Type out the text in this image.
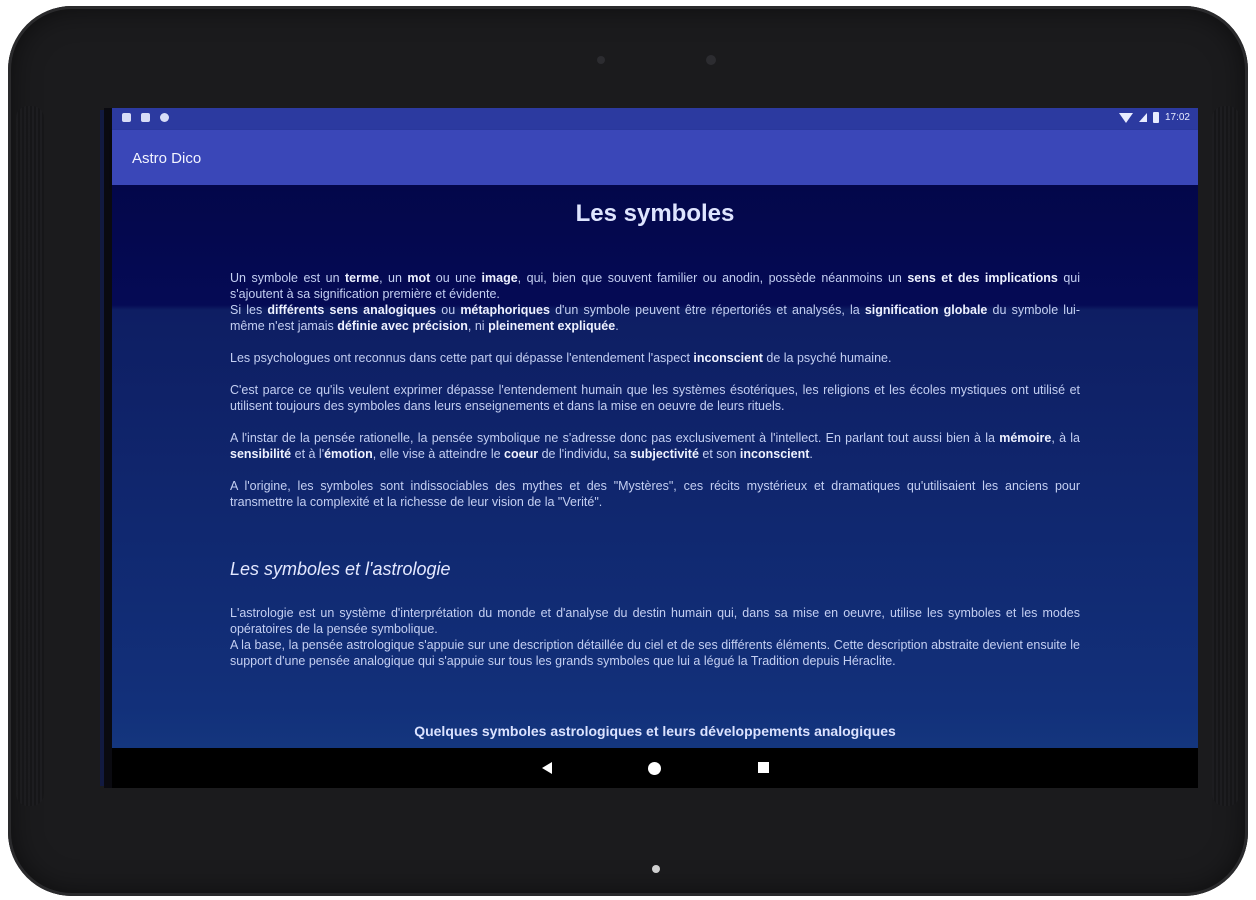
17:02
Astro Dico
Les symboles

Un symbole est un terme, un mot ou une image, qui, bien que souvent familier ou anodin, possède néanmoins un sens et des implications qui s'ajoutent à sa signification première et évidente.
Si les différents sens analogiques ou métaphoriques d'un symbole peuvent être répertoriés et analysés, la signification globale du symbole lui-même n'est jamais définie avec précision, ni pleinement expliquée.

Les psychologues ont reconnus dans cette part qui dépasse l'entendement l'aspect inconscient de la psyché humaine.

C'est parce ce qu'ils veulent exprimer dépasse l'entendement humain que les systèmes ésotériques, les religions et les écoles mystiques ont utilisé et utilisent toujours des symboles dans leurs enseignements et dans la mise en oeuvre de leurs rituels.

A l'instar de la pensée rationelle, la pensée symbolique ne s'adresse donc pas exclusivement à l'intellect. En parlant tout aussi bien à la mémoire, à la sensibilité et à l'émotion, elle vise à atteindre le coeur de l'individu, sa subjectivité et son inconscient.

A l'origine, les symboles sont indissociables des mythes et des "Mystères", ces récits mystérieux et dramatiques qu'utilisaient les anciens pour transmettre la complexité et la richesse de leur vision de la "Verité".

Les symboles et l'astrologie

L'astrologie est un système d'interprétation du monde et d'analyse du destin humain qui, dans sa mise en oeuvre, utilise les symboles et les modes opératoires de la pensée symbolique.
A la base, la pensée astrologique s'appuie sur une description détaillée du ciel et de ses différents éléments. Cette description abstraite devient ensuite le support d'une pensée analogique qui s'appuie sur tous les grands symboles que lui a légué la Tradition depuis Héraclite.

Quelques symboles astrologiques et leurs développements analogiques
